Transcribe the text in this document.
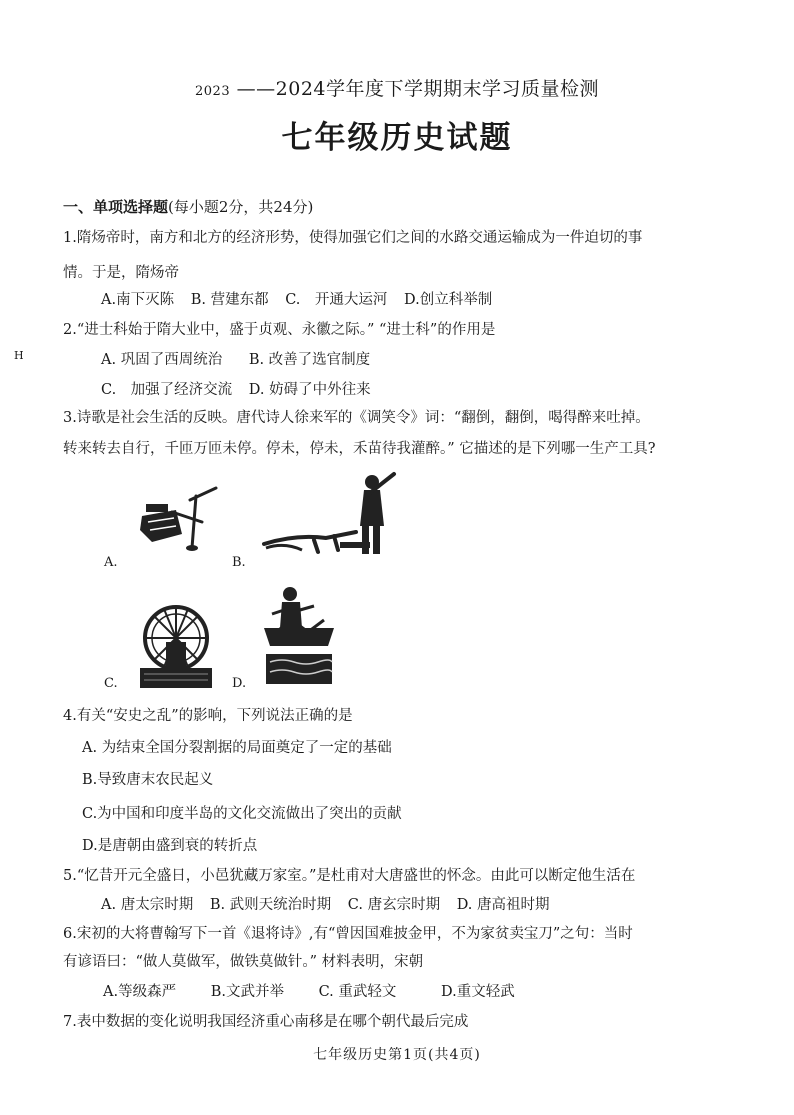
2023 ——2024学年度下学期期末学习质量检测
七年级历史试题
一、单项选择题(每小题2分，共24分)
H
1.隋炀帝时，南方和北方的经济形势，使得加强它们之间的水路交通运输成为一件迫切的事
情。于是，隋炀帝
A.南下灭陈 B. 营建东都 C.　开通大运河 D.创立科举制
2.“进士科始于隋大业中，盛于贞观、永徽之际。” “进士科”的作用是
A. 巩固了西周统治 B. 改善了选官制度
C.　加强了经济交流 D. 妨碍了中外往来
3.诗歌是社会生活的反映。唐代诗人徐来军的《调笑令》词：“翻倒，翻倒，喝得醉来吐掉。
转来转去自行，千匝万匝未停。停未，停未，禾苗待我灌醉。” 它描述的是下列哪一生产工具?
A.	B.
C.	D.
4.有关“安史之乱”的影响，下列说法正确的是
A. 为结束全国分裂割据的局面奠定了一定的基础
B.导致唐末农民起义
C.为中国和印度半岛的文化交流做出了突出的贡献
D.是唐朝由盛到衰的转折点
5.“忆昔开元全盛日，小邑犹藏万家室。”是杜甫对大唐盛世的怀念。由此可以断定他生活在
A. 唐太宗时期 B. 武则天统治时期 C. 唐玄宗时期 D. 唐高祖时期
6.宋初的大将曹翰写下一首《退将诗》,有“曾因国难披金甲，不为家贫卖宝刀”之句：当时
有谚语曰：“做人莫做军，做铁莫做针。” 材料表明，宋朝
A.等级森严 B.文武并举 C. 重武轻文	D.重文轻武
7.表中数据的变化说明我国经济重心南移是在哪个朝代最后完成
七年级历史第1页(共4页)
